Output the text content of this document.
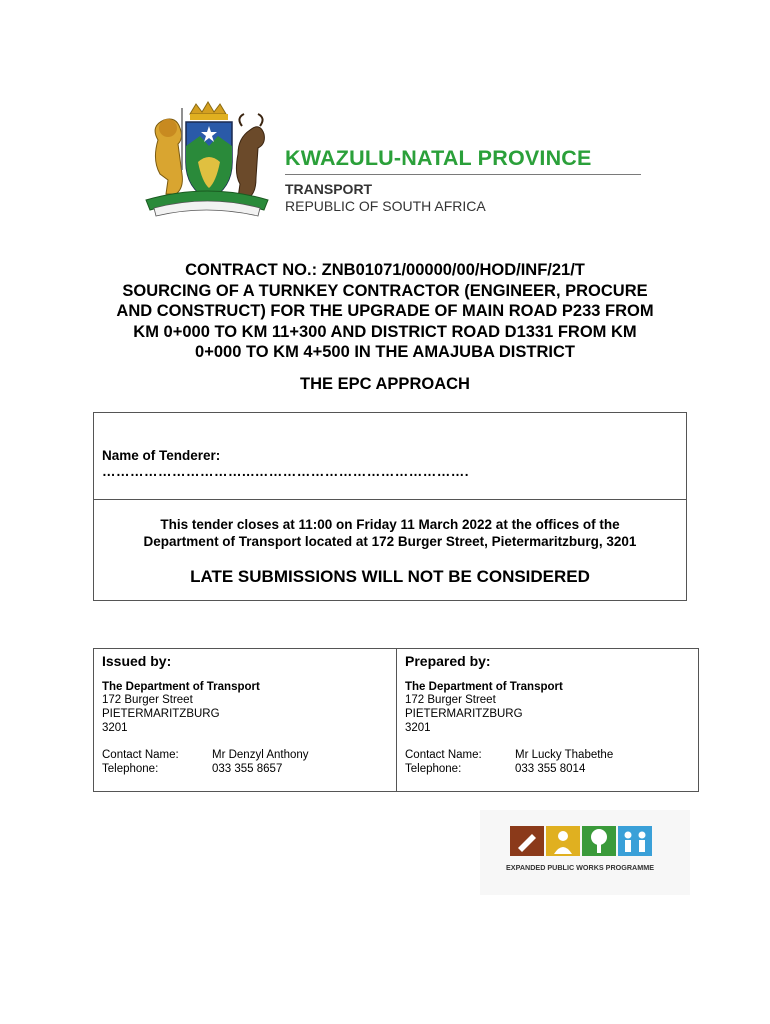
KWAZULU-NATAL PROVINCE
TRANSPORT
REPUBLIC OF SOUTH AFRICA
CONTRACT NO.: ZNB01071/00000/00/HOD/INF/21/T
SOURCING OF A TURNKEY CONTRACTOR (ENGINEER, PROCURE
AND CONSTRUCT) FOR THE UPGRADE OF MAIN ROAD P233 FROM
KM 0+000 TO KM 11+300 AND DISTRICT ROAD D1331 FROM KM
0+000 TO KM 4+500 IN THE AMAJUBA DISTRICT
THE EPC APPROACH
Name of Tenderer:
…………………………...……………………………………….
This tender closes at 11:00 on Friday 11 March 2022 at the offices of the
Department of Transport located at 172 Burger Street, Pietermaritzburg, 3201
LATE SUBMISSIONS WILL NOT BE CONSIDERED
Issued by:
The Department of Transport
172 Burger Street
PIETERMARITZBURG
3201
Contact Name:	Mr Denzyl Anthony
Telephone:	033 355 8657
Prepared by:
The Department of Transport
172 Burger Street
PIETERMARITZBURG
3201
Contact Name:	Mr Lucky Thabethe
Telephone:	033 355 8014
EXPANDED PUBLIC WORKS PROGRAMME
